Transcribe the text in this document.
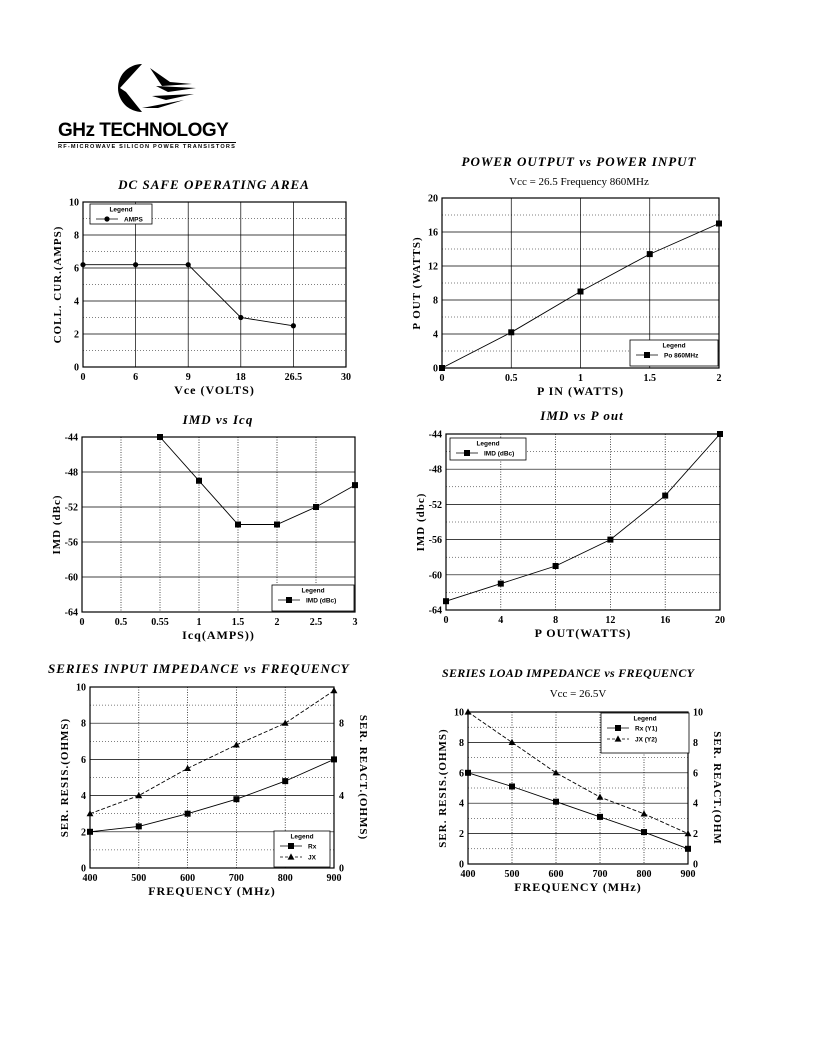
GHz TECHNOLOGY
RF-MICROWAVE SILICON POWER TRANSISTORS
DC SAFE OPERATING AREA
0
2
4
6
8
10
0	6	9	18	26.5	30
Vce (VOLTS)
COLL. CUR.(AMPS)
Legend
AMPS
POWER OUTPUT vs POWER INPUT
Vcc = 26.5 Frequency 860MHz
0
4
8
12
16
20
0	0.5	1	1.5	2
P IN (WATTS)
P OUT (WATTS)
Legend
Po 860MHz
IMD vs Icq
-64
-60
-56
-52
-48
-44
0	0.5 0.55	1	1.5	2	2.5	3
Icq(AMPS))
IMD (dBc)
Legend
IMD (dBc)
IMD vs P out
-64
-60
-56
-52
-48
-44
0	4	8	12	16	20
P OUT(WATTS)
IMD (dbc)
Legend
IMD (dBc)
SERIES INPUT IMPEDANCE vs FREQUENCY
0
2
4
6
8
10
400	500	600	700	800	900
0
4
8 SER. REACT.(OHMS)
FREQUENCY (MHz)
SER. RESIS.(OHMS)	Legend
Rx
JX
SERIES LOAD IMPEDANCE vs FREQUENCY
Vcc = 26.5V
0
2
4
6
8
10
400	500	600	700	800	900
0
2
4
6
8
10
SER. REACT.(OHM
FREQUENCY (MHz)
SER. RESIS.(OHMS)
Legend
Rx (Y1)
JX (Y2)
